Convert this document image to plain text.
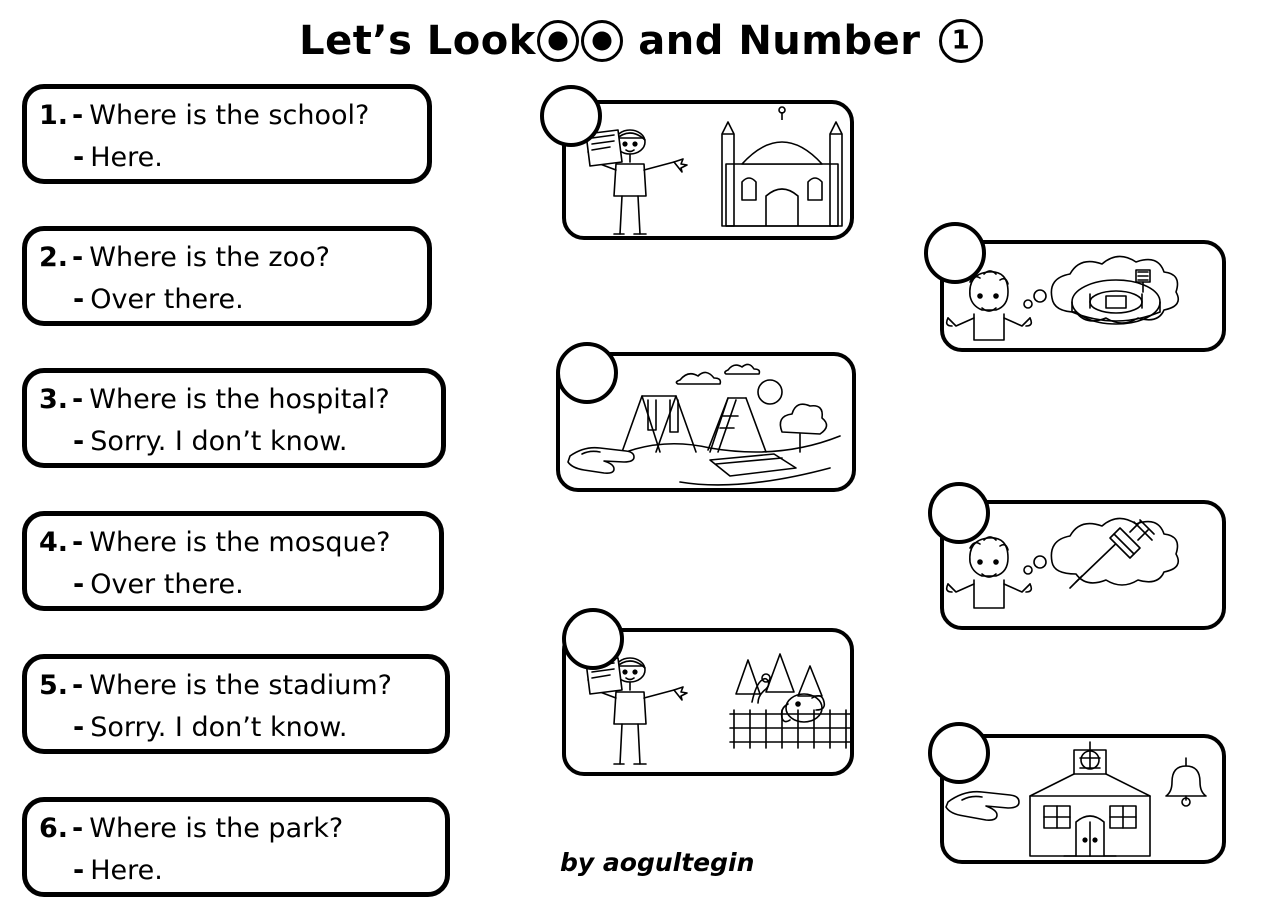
Let’s Look and Number 1
1. - Where is the school?
- Here.
2. - Where is the zoo?
- Over there.
3. - Where is the hospital?
- Sorry. I don’t know.
4. - Where is the mosque?
- Over there.
5. - Where is the stadium?
- Sorry. I don’t know.
6. - Where is the park?
- Here.	by aogultegin
